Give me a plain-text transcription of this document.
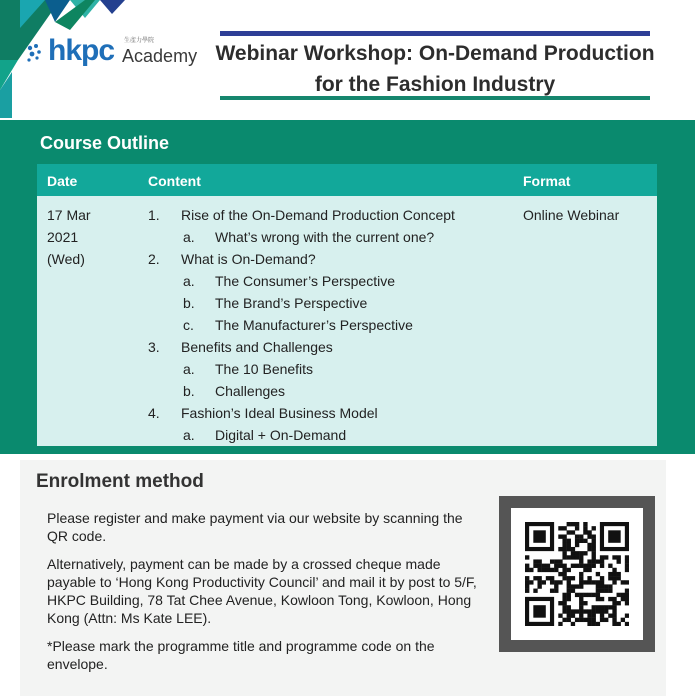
hkpc 生產力學院
Academy Webinar Workshop: On-Demand Production
for the Fashion Industry
Course Outline
Date	Content	Format
17 Mar
2021
(Wed)
1. Rise of the On-Demand Production Concept
a. What’s wrong with the current one?
2. What is On-Demand?
a. The Consumer’s Perspective
b. The Brand’s Perspective
c. The Manufacturer’s Perspective
3. Benefits and Challenges
a. The 10 Benefits
b. Challenges
4. Fashion’s Ideal Business Model
a. Digital + On-Demand
Online Webinar
Enrolment method

Please register and make payment via our website by scanning the QR code.

Alternatively, payment can be made by a crossed cheque made payable to ‘Hong Kong Productivity Council’ and mail it by post to 5/F, HKPC Building, 78 Tat Chee Avenue, Kowloon Tong, Kowloon, Hong Kong (Attn: Ms Kate LEE).

*Please mark the programme title and programme code on the envelope.
